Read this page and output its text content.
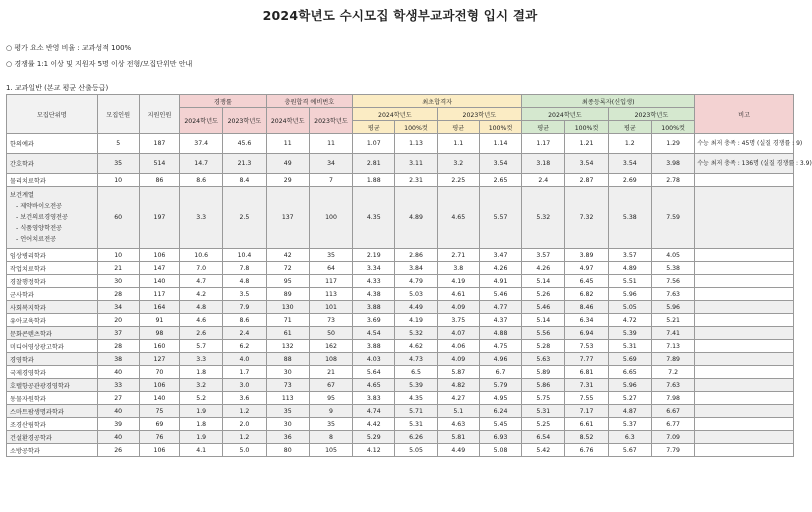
2024학년도 수시모집 학생부교과전형 입시 결과
○ 평가 요소 반영 비율 : 교과성적 100%
○ 경쟁률 1:1 이상 및 지원자 5명 이상 전형/모집단위만 안내
1. 교과일반 (본교 평균 산출등급)
모집단위명	모집인원	지원인원	경쟁률		충원합격 예비번호		최초합격자				최종등록자(신입생)				비고
			2024학년도	2023학년도	2024학년도	2023학년도	2024학년도		2023학년도		2024학년도		2023학년도		
							평균	100%컷	평균	100%컷	평균	100%컷	평균	100%컷	
한의예과	5	187	37.4	45.6	11	11	1.07	1.13	1.1	1.14	1.17	1.21	1.2	1.29	수능 최저 충족 : 45명 (실질 경쟁률 : 9)
간호학과	35	514	14.7	21.3	49	34	2.81	3.11	3.2	3.54	3.18	3.54	3.54	3.98	수능 최저 충족 : 136명 (실질 경쟁률 : 3.9)
물리치료학과	10	86	8.6	8.4	29	7	1.88	2.31	2.25	2.65	2.4	2.87	2.69	2.78	

보건계열
- 제약바이오전공
- 보건의료경영전공
- 식품영양학전공
- 언어치료전공	60	197	3.3	2.5	137	100	4.35	4.89	4.65	5.57	5.32	7.32	5.38	7.59	
임상병리학과	10	106	10.6	10.4	42	35	2.19	2.86	2.71	3.47	3.57	3.89	3.57	4.05	
작업치료학과	21	147	7.0	7.8	72	64	3.34	3.84	3.8	4.26	4.26	4.97	4.89	5.38	
경찰행정학과	30	140	4.7	4.8	95	117	4.33	4.79	4.19	4.91	5.14	6.45	5.51	7.56	
군사학과	28	117	4.2	3.5	89	113	4.38	5.03	4.61	5.46	5.26	6.82	5.96	7.63	
사회복지학과	34	164	4.8	7.9	130	101	3.88	4.49	4.09	4.77	5.46	8.46	5.05	5.96	
유아교육학과	20	91	4.6	8.6	71	73	3.69	4.19	3.75	4.37	5.14	6.34	4.72	5.21	
문화콘텐츠학과	37	98	2.6	2.4	61	50	4.54	5.32	4.07	4.88	5.56	6.94	5.39	7.41	
미디어영상광고학과	28	160	5.7	6.2	132	162	3.88	4.62	4.06	4.75	5.28	7.53	5.31	7.13	
경영학과	38	127	3.3	4.0	88	108	4.03	4.73	4.09	4.96	5.63	7.77	5.69	7.89	
국제경영학과	40	70	1.8	1.7	30	21	5.64	6.5	5.87	6.7	5.89	6.81	6.65	7.2	
호텔항공관광경영학과	33	106	3.2	3.0	73	67	4.65	5.39	4.82	5.79	5.86	7.31	5.96	7.63	
동물자원학과	27	140	5.2	3.6	113	95	3.83	4.35	4.27	4.95	5.75	7.55	5.27	7.98	
스마트팜생명과학과	40	75	1.9	1.2	35	9	4.74	5.71	5.1	6.24	5.31	7.17	4.87	6.67	
조경산림학과	39	69	1.8	2.0	30	35	4.42	5.31	4.63	5.45	5.25	6.61	5.37	6.77	
건설환경공학과	40	76	1.9	1.2	36	8	5.29	6.26	5.81	6.93	6.54	8.52	6.3	7.09	
소방공학과	26	106	4.1	5.0	80	105	4.12	5.05	4.49	5.08	5.42	6.76	5.67	7.79	
